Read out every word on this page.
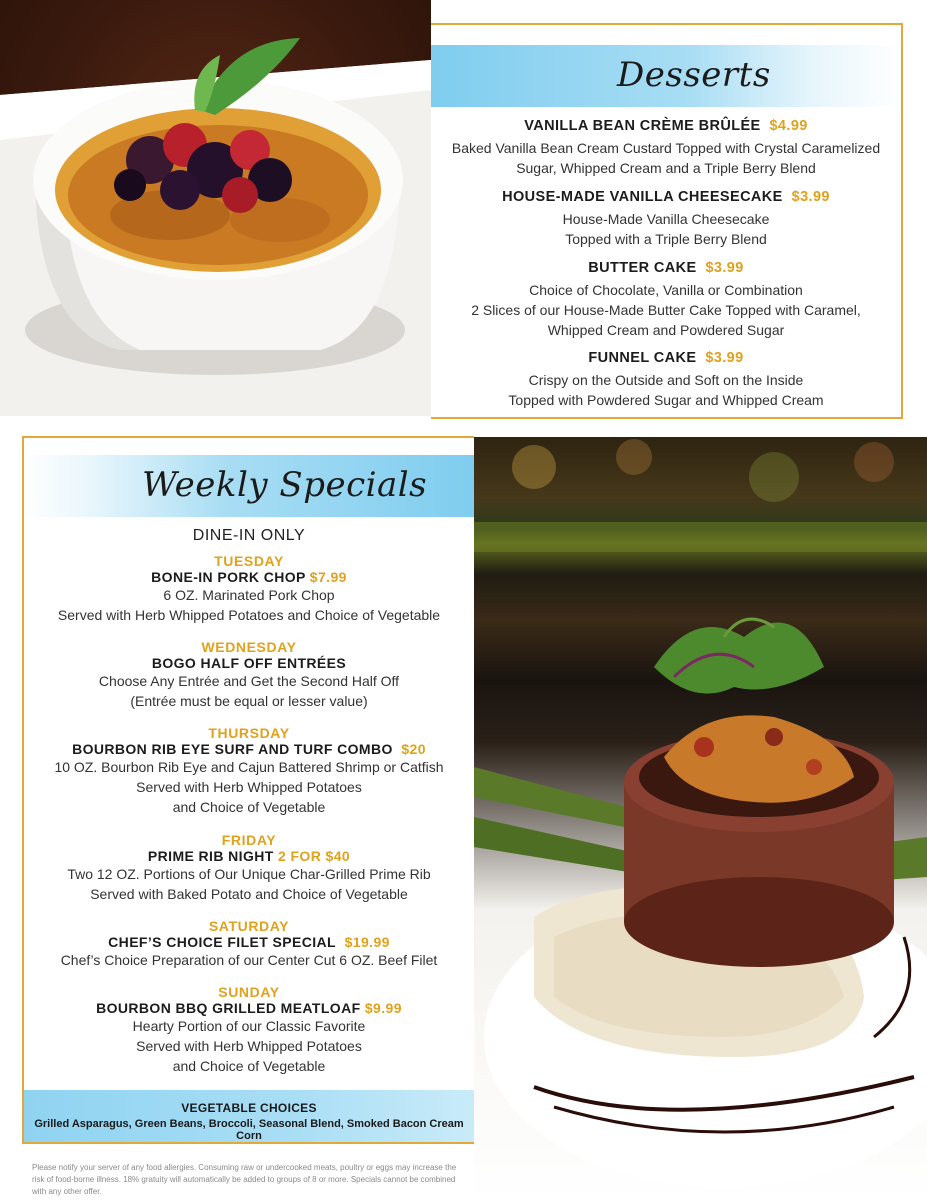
Desserts
VANILLA BEAN CRÈME BRÛLÉE $4.99
Baked Vanilla Bean Cream Custard Topped with Crystal Caramelized
Sugar, Whipped Cream and a Triple Berry Blend
HOUSE-MADE VANILLA CHEESECAKE $3.99
House-Made Vanilla Cheesecake
Topped with a Triple Berry Blend
BUTTER CAKE $3.99
Choice of Chocolate, Vanilla or Combination
2 Slices of our House-Made Butter Cake Topped with Caramel,
Whipped Cream and Powdered Sugar
FUNNEL CAKE $3.99
Crispy on the Outside and Soft on the Inside
Topped with Powdered Sugar and Whipped Cream
Weekly Specials
DINE-IN ONLY
TUESDAY
BONE-IN PORK CHOP $7.99
6 OZ. Marinated Pork Chop
Served with Herb Whipped Potatoes and Choice of Vegetable
WEDNESDAY
BOGO HALF OFF ENTRÉES
Choose Any Entrée and Get the Second Half Off
(Entrée must be equal or lesser value)
THURSDAY
BOURBON RIB EYE SURF AND TURF COMBO $20
10 OZ. Bourbon Rib Eye and Cajun Battered Shrimp or Catfish
Served with Herb Whipped Potatoes
and Choice of Vegetable
FRIDAY
PRIME RIB NIGHT 2 FOR $40
Two 12 OZ. Portions of Our Unique Char-Grilled Prime Rib
Served with Baked Potato and Choice of Vegetable
SATURDAY
CHEF’S CHOICE FILET SPECIAL $19.99
Chef’s Choice Preparation of our Center Cut 6 OZ. Beef Filet
SUNDAY
BOURBON BBQ GRILLED MEATLOAF $9.99
Hearty Portion of our Classic Favorite
Served with Herb Whipped Potatoes
and Choice of Vegetable
VEGETABLE CHOICES
Grilled Asparagus, Green Beans, Broccoli, Seasonal Blend, Smoked Bacon Cream Corn
Please notify your server of any food allergies. Consuming raw or undercooked meats, poultry or eggs may increase the risk of food-borne illness. 18% gratuity will automatically be added to groups of 8 or more. Specials cannot be combined with any other offer.
